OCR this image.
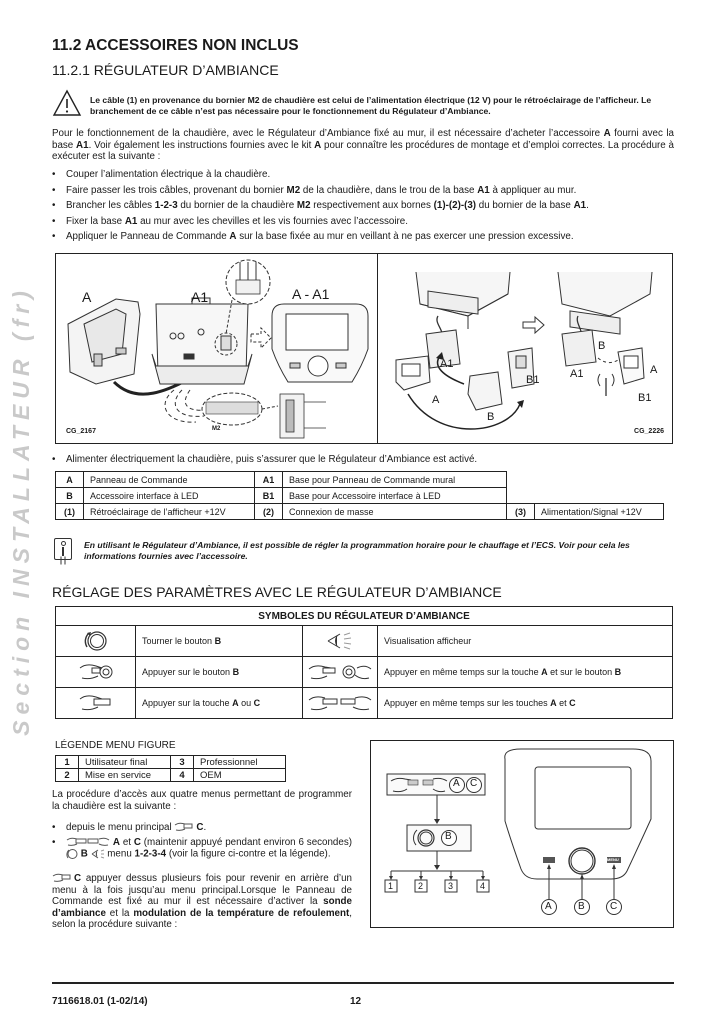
Section INSTALLATEUR (fr)
11.2 ACCESSOIRES NON INCLUS
11.2.1 RÉGULATEUR D’AMBIANCE

Le câble (1) en provenance du bornier M2 de chaudière est celui de l’alimentation électrique (12 V) pour le rétroéclairage de l’afficheur. Le branchement de ce câble n’est pas nécessaire pour le fonctionnement du Régulateur d’Ambiance.

Pour le fonctionnement de la chaudière, avec le Régulateur d’Ambiance fixé au mur, il est nécessaire d’acheter l’accessoire A fourni avec la base A1. Voir également les instructions fournies avec le kit A pour connaître les procédures de montage et d’emploi correctes. La procédure à exécuter est la suivante :
• Couper l’alimentation électrique à la chaudière.
• Faire passer les trois câbles, provenant du bornier M2 de la chaudière, dans le trou de la base A1 à appliquer au mur.
• Brancher les câbles 1-2-3 du bornier de la chaudière M2 respectivement aux bornes (1)-(2)-(3) du bornier de la base A1.
• Fixer la base A1 au mur avec les chevilles et les vis fournies avec l’accessoire.
• Appliquer le Panneau de Commande A sur la base fixée au mur en veillant à ne pas exercer une pression excessive.
A	A1	A - A1
M2
CG_2167
A1
B1
A
B
B
A1	A
B1
CG_2226
• Alimenter électriquement la chaudière, puis s’assurer que le Régulateur d’Ambiance est activé.
A	Panneau de Commande	A1	Base pour Panneau de Commande mural		
B	Accessoire interface à LED	B1	Base pour Accessoire interface à LED		
(1)	Rétroéclairage de l’afficheur +12V	(2)	Connexion de masse	(3)	Alimentation/Signal +12V

En utilisant le Régulateur d’Ambiance, il est possible de régler la programmation horaire pour le chauffage et l’ECS. Voir pour cela les informations fournies avec l’accessoire.

RÉGLAGE DES PARAMÈTRES AVEC LE RÉGULATEUR D’AMBIANCE
SYMBOLES DU RÉGULATEUR D’AMBIANCE			

	Tourner le bouton B		Visualisation afficheur

	Appuyer sur le bouton B		Appuyer en même temps sur la touche A et sur le bouton B

	Appuyer sur la touche A ou C		Appuyer en même temps sur les touches A et C
LÉGENDE MENU FIGURE
1	Utilisateur final	3	Professionnel
2	Mise en service	4	OEM
La procédure d’accès aux quatre menus permettant de programmer la chaudière est la suivante :
• depuis le menu principal C.
• A et C (maintenir appuyé pendant environ 6 secondes)  B  menu 1-2-3-4 (voir la figure ci-contre et la légende).
C appuyer dessus plusieurs fois pour revenir en arrière d’un menu à la fois jusqu’au menu principal.Lorsque le Panneau de Commande est fixé au mur il est nécessaire d’activer la sonde d’ambiance et la modulation de la température de refoulement, selon la procédure suivante :
A C
B
1	2	3	4
MENU
A	B	C
7116618.01 (1-02/14)	12
